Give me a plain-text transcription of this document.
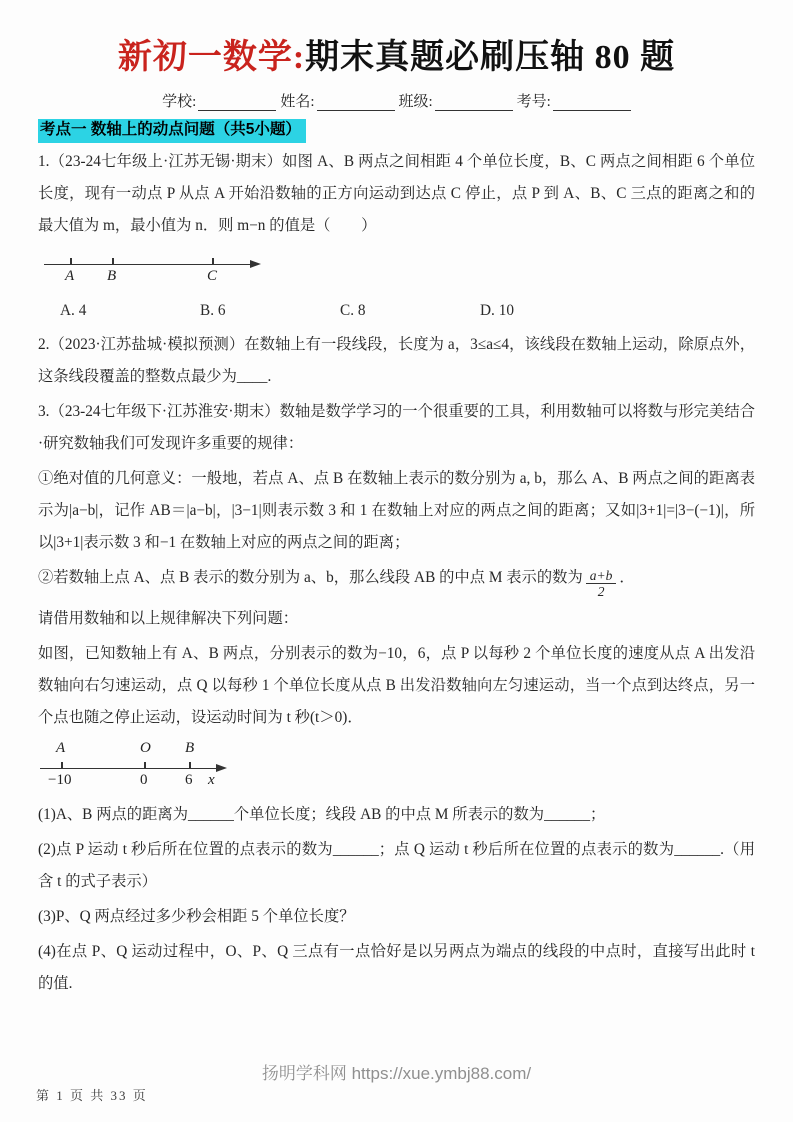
新初一数学:期末真题必刷压轴 80 题
学校:	姓名:	班级:	考号:
考点一 数轴上的动点问题（共5小题）

1.（23-24七年级上·江苏无锡·期末）如图 A、B 两点之间相距 4 个单位长度，B、C 两点之间相距 6 个单位长度，现有一动点 P 从点 A 开始沿数轴的正方向运动到达点 C 停止，点 P 到 A、B、C 三点的距离之和的最大值为 m，最小值为 n．则 m−n 的值是（　　）

A B	C
A. 4	B. 6	C. 8	D. 10

2.（2023·江苏盐城·模拟预测）在数轴上有一段线段，长度为 a，3≤a≤4，该线段在数轴上运动，除原点外，这条线段覆盖的整数点最少为____.

3.（23-24七年级下·江苏淮安·期末）数轴是数学学习的一个很重要的工具，利用数轴可以将数与形完美结合·研究数轴我们可发现许多重要的规律：

①绝对值的几何意义：一般地，若点 A、点 B 在数轴上表示的数分别为 a, b，那么 A、B 两点之间的距离表示为|a−b|，记作 AB＝|a−b|，|3−1|则表示数 3 和 1 在数轴上对应的两点之间的距离；又如|3+1|=|3−(−1)|，所以|3+1|表示数 3 和−1 在数轴上对应的两点之间的距离；

②若数轴上点 A、点 B 表示的数分别为 a、b，那么线段 AB 的中点 M 表示的数为 $\frac{a+b}{2}$ ．

请借用数轴和以上规律解决下列问题：

如图，已知数轴上有 A、B 两点，分别表示的数为−10，6，点 P 以每秒 2 个单位长度的速度从点 A 出发沿数轴向右匀速运动，点 Q 以每秒 1 个单位长度从点 B 出发沿数轴向左匀速运动，当一个点到达终点，另一个点也随之停止运动，设运动时间为 t 秒(t＞0)．

A	O B
−10	0	6 x

(1)A、B 两点的距离为______个单位长度；线段 AB 的中点 M 所表示的数为______；

(2)点 P 运动 t 秒后所在位置的点表示的数为______；点 Q 运动 t 秒后所在位置的点表示的数为______.（用含 t 的式子表示）

(3)P、Q 两点经过多少秒会相距 5 个单位长度？

(4)在点 P、Q 运动过程中，O、P、Q 三点有一点恰好是以另两点为端点的线段的中点时，直接写出此时 t 的值.

扬明学科网 https://xue.ymbj88.com/
第 1 页 共 33 页
